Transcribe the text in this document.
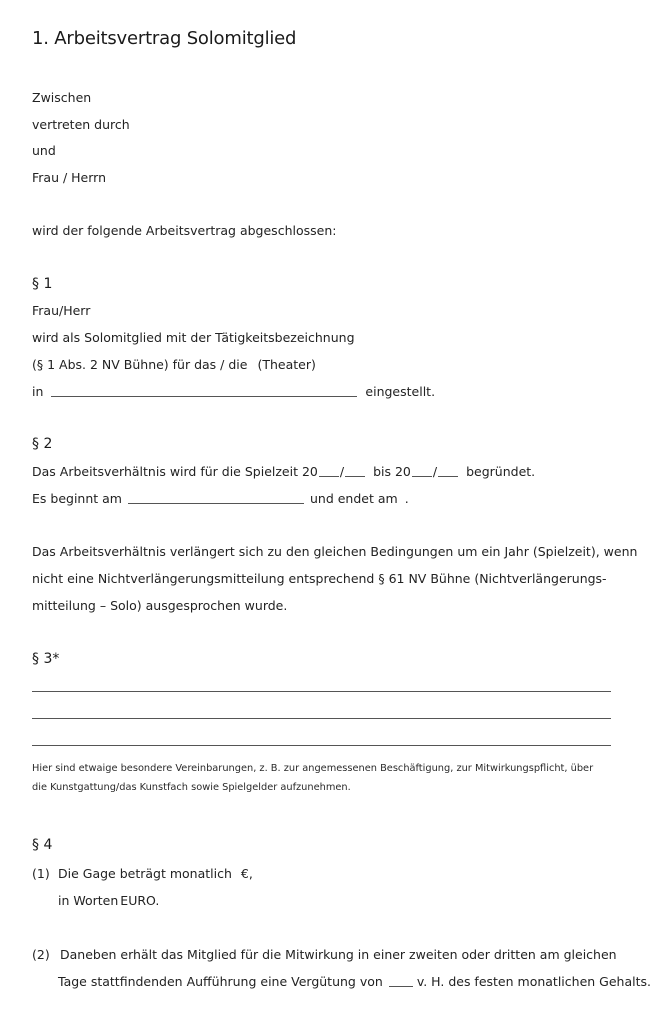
1. Arbeitsvertrag Solomitglied
Zwischen
vertreten durch
und
Frau / Herrn
wird der folgende Arbeitsvertrag abgeschlossen:
§ 1
Frau/Herr
wird als Solomitglied mit der Tätigkeitsbezeichnung
(§ 1 Abs. 2 NV Bühne) für das / die (Theater)
in	eingestellt.
§ 2
Das Arbeitsverhältnis wird für die Spielzeit 20 / bis 20 / begründet.
Es beginnt am	und endet am .
Das Arbeitsverhältnis verlängert sich zu den gleichen Bedingungen um ein Jahr (Spielzeit), wenn
nicht eine Nichtverlängerungsmitteilung entsprechend § 61 NV Bühne (Nichtverlängerungs-
mitteilung – Solo) ausgesprochen wurde.
§ 3*
Hier sind etwaige besondere Vereinbarungen, z. B. zur angemessenen Beschäftigung, zur Mitwirkungspflicht, über
die Kunstgattung/das Kunstfach sowie Spielgelder aufzunehmen.
§ 4
(1) Die Gage beträgt monatlich €,
in Worten EURO.
(2) Daneben erhält das Mitglied für die Mitwirkung in einer zweiten oder dritten am gleichen
Tage stattfindenden Aufführung eine Vergütung von	v. H. des festen monatlichen Gehalts.
